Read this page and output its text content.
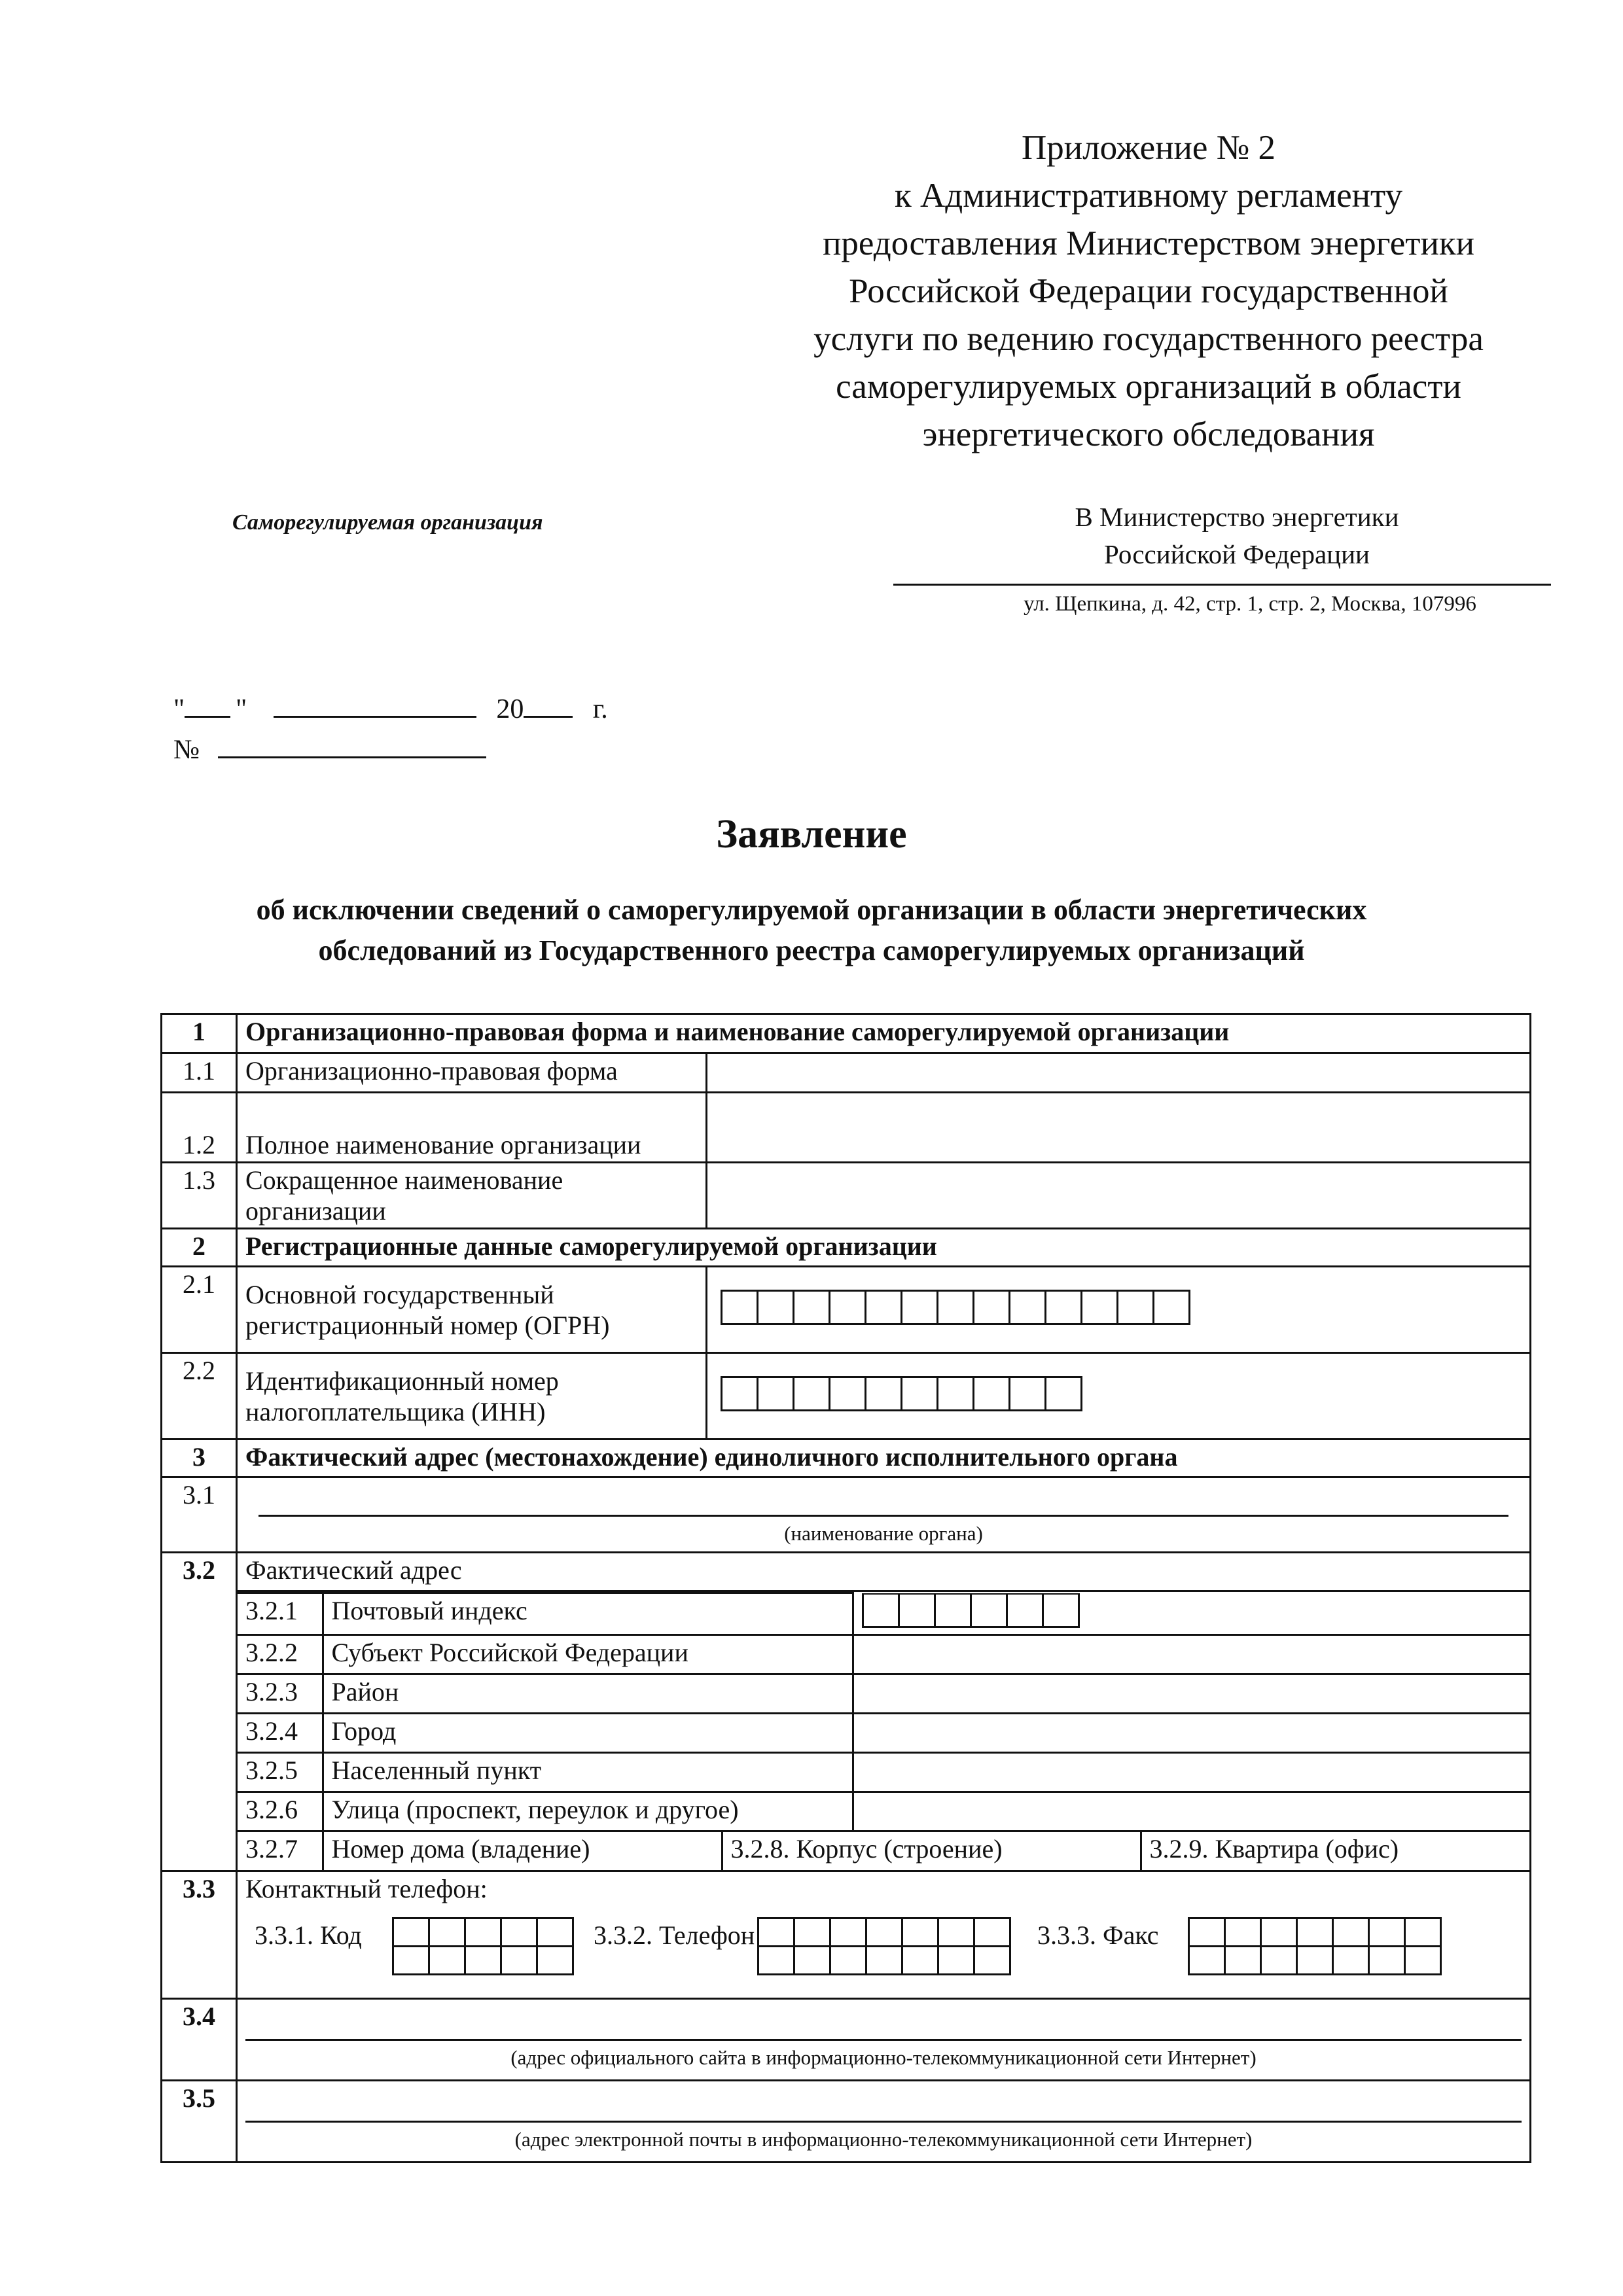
Приложение № 2
к Административному регламенту
предоставления Министерством энергетики
Российской Федерации государственной
услуги по ведению государственного реестра
саморегулируемых организаций в области
энергетического обследования
Саморегулируемая организация	В Министерство энергетики
Российской Федерации
ул. Щепкина, д. 42, стр. 1, стр. 2, Москва, 107996
" "	20	г.
№
Заявление
об исключении сведений о саморегулируемой организации в области энергетических
обследований из Государственного реестра саморегулируемых организаций
1	Организационно-правовая форма и наименование саморегулируемой организации
1.1	Организационно-правовая форма	
1.2	Полное наименование организации	
1.3	Сокращенное наименование организации	
2	Регистрационные данные саморегулируемой организации
2.1	Основной государственный
регистрационный номер (ОГРН)

2.2	Идентификационный номер
налогоплательщика (ИНН)

3	Фактический адрес (местонахождение) единоличного исполнительного органа
3.1	
(наименование органа)

3.2	Фактический адрес
3.2.1	Почтовый индекс	

3.2.2	Субъект Российской Федерации	
3.2.3	Район	
3.2.4	Город	
3.2.5	Населенный пункт	
3.2.6	Улица (проспект, переулок и другое)	
3.2.7	Номер дома (владение)	3.2.8. Корпус (строение)	3.2.9. Квартира (офис)

3.3	Контактный телефон:
3.3.1. Код	3.3.2. Телефон	3.3.3. Факс

3.4	
(адрес официального сайта в информационно-телекоммуникационной сети Интернет)

3.5	
(адрес электронной почты в информационно-телекоммуникационной сети Интернет)
